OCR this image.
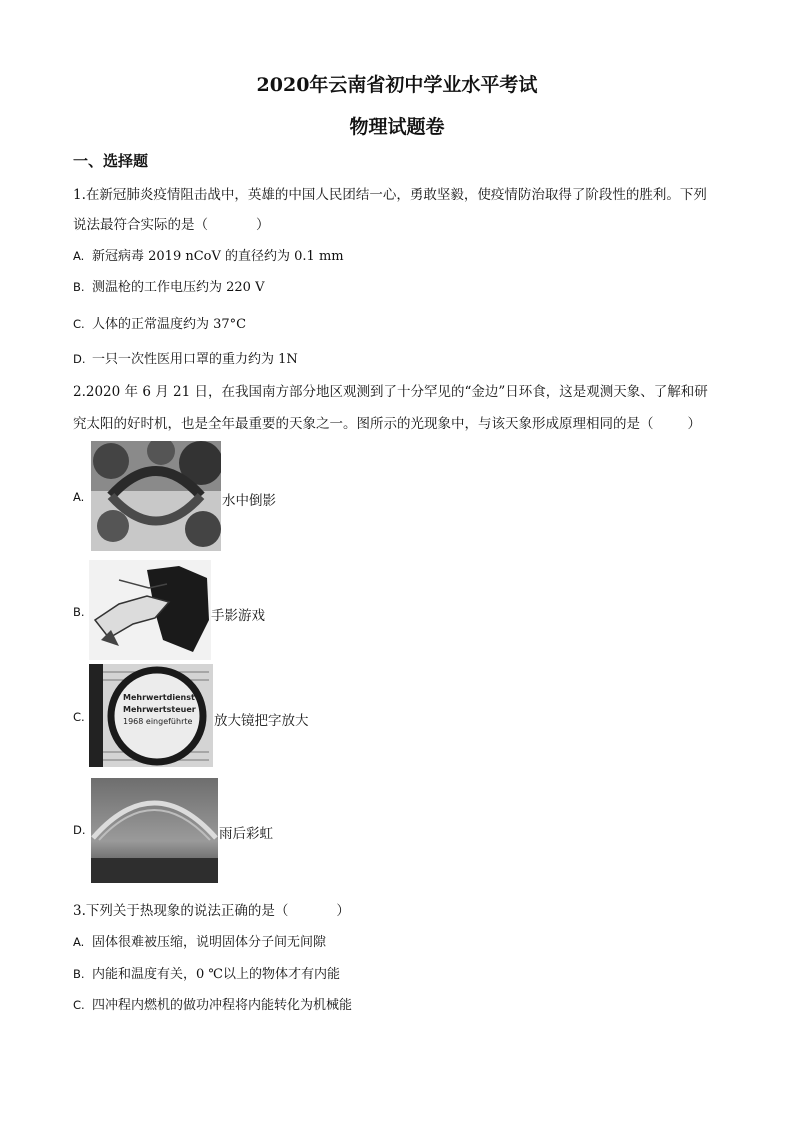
2020年云南省初中学业水平考试
物理试题卷
一、选择题
1.在新冠肺炎疫情阻击战中，英雄的中国人民团结一心，勇敢坚毅，使疫情防治取得了阶段性的胜利。下列
说法最符合实际的是（	）
A. 新冠病毒 2019 nCoV 的直径约为 0.1 mm
B. 测温枪的工作电压约为 220 V
C. 人体的正常温度约为 37°C
D. 一只一次性医用口罩的重力约为 1N
2.2020 年 6 月 21 日，在我国南方部分地区观测到了十分罕见的“金边”日环食，这是观测天象、了解和研
究太阳的好时机，也是全年最重要的天象之一。图所示的光现象中，与该天象形成原理相同的是（	）
A.	水中倒影
B.	手影游戏
C.
Mehrwertdienst
Mehrwertsteuer
1968 eingeführte	放大镜把字放大
D.	雨后彩虹
3.下列关于热现象的说法正确的是（	）
A. 固体很难被压缩，说明固体分子间无间隙
B. 内能和温度有关，0 ℃以上的物体才有内能
C. 四冲程内燃机的做功冲程将内能转化为机械能
